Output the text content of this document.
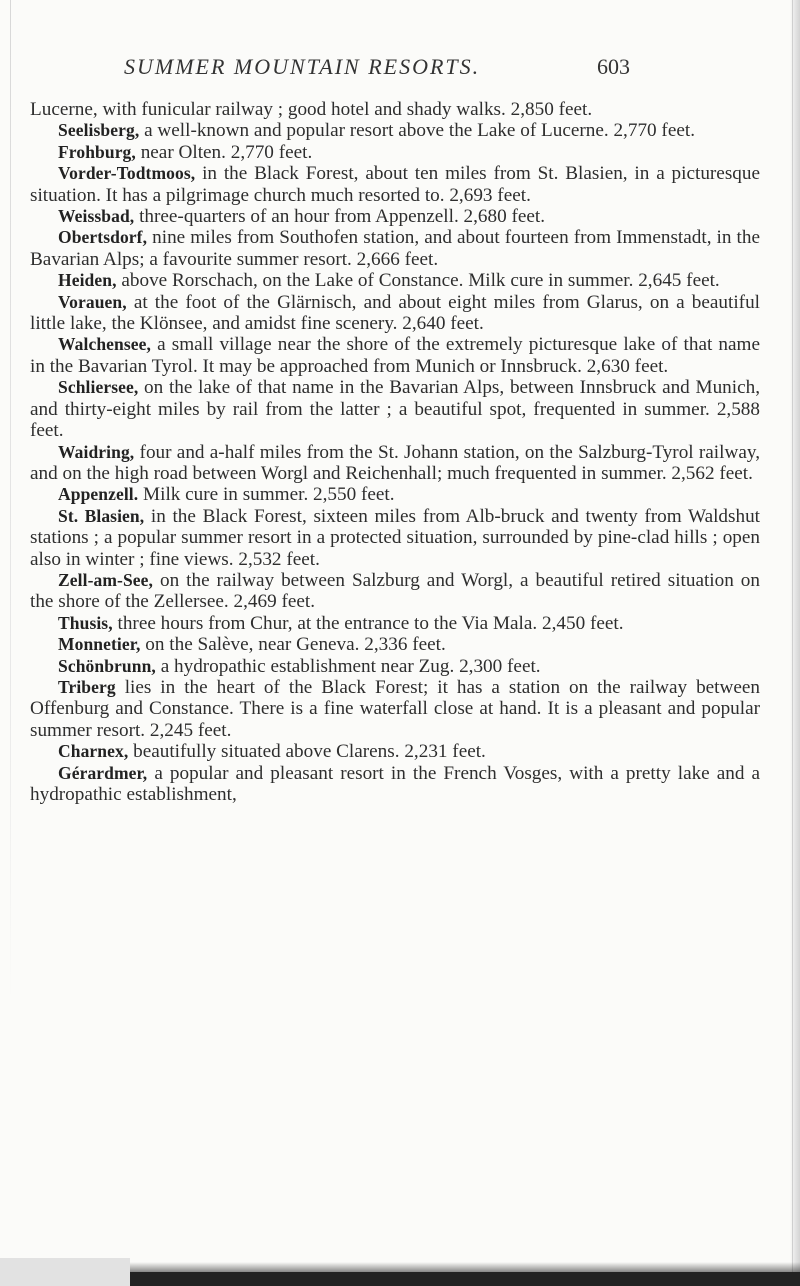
SUMMER MOUNTAIN RESORTS.	603

Lucerne, with funicular railway ; good hotel and shady walks. 2,850 feet.

Seelisberg, a well-known and popular resort above the Lake of Lucerne. 2,770 feet.

Frohburg, near Olten. 2,770 feet.

Vorder-Todtmoos, in the Black Forest, about ten miles from St. Blasien, in a picturesque situation. It has a pilgrimage church much resorted to. 2,693 feet.

Weissbad, three-quarters of an hour from Appenzell. 2,680 feet.

Obertsdorf, nine miles from Southofen station, and about fourteen from Immenstadt, in the Bavarian Alps; a favourite summer resort. 2,666 feet.

Heiden, above Rorschach, on the Lake of Constance. Milk cure in summer. 2,645 feet.

Vorauen, at the foot of the Glärnisch, and about eight miles from Glarus, on a beautiful little lake, the Klönsee, and amidst fine scenery. 2,640 feet.

Walchensee, a small village near the shore of the extremely picturesque lake of that name in the Bavarian Tyrol. It may be approached from Munich or Innsbruck. 2,630 feet.

Schliersee, on the lake of that name in the Bavarian Alps, between Innsbruck and Munich, and thirty-eight miles by rail from the latter ; a beautiful spot, frequented in summer. 2,588 feet.

Waidring, four and a-half miles from the St. Johann station, on the Salzburg-Tyrol railway, and on the high road between Worgl and Reichenhall; much frequented in summer. 2,562 feet.

Appenzell. Milk cure in summer. 2,550 feet.

St. Blasien, in the Black Forest, sixteen miles from Alb-bruck and twenty from Waldshut stations ; a popular summer resort in a protected situation, surrounded by pine-clad hills ; open also in winter ; fine views. 2,532 feet.

Zell-am-See, on the railway between Salzburg and Worgl, a beautiful retired situation on the shore of the Zellersee. 2,469 feet.

Thusis, three hours from Chur, at the entrance to the Via Mala. 2,450 feet.

Monnetier, on the Salève, near Geneva. 2,336 feet.

Schönbrunn, a hydropathic establishment near Zug. 2,300 feet.

Triberg lies in the heart of the Black Forest; it has a station on the railway between Offenburg and Constance. There is a fine waterfall close at hand. It is a pleasant and popular summer resort. 2,245 feet.

Charnex, beautifully situated above Clarens. 2,231 feet.

Gérardmer, a popular and pleasant resort in the French Vosges, with a pretty lake and a hydropathic establishment,
